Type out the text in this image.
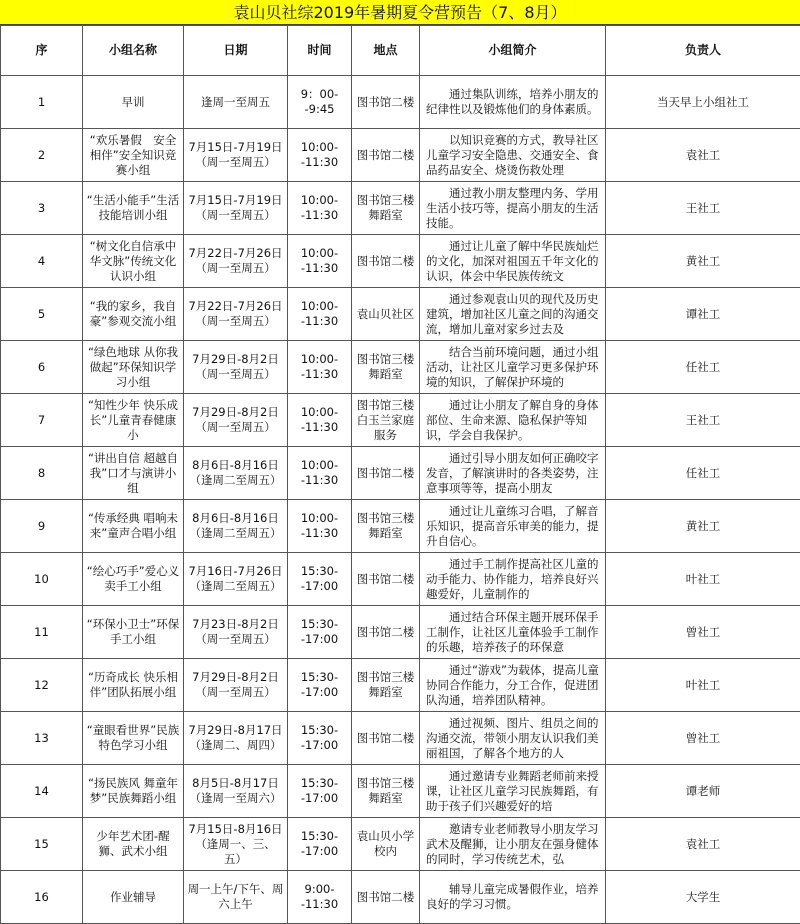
袁山贝社综2019年暑期夏令营预告（7、8月）
序	小组名称	日期	时间	地点	小组简介	负责人

1	早训	逢周一至周五	9：00--9:45	图书馆二楼	通过集队训练，培养小朋友的纪律性以及锻炼他们的身体素质。	当天早上小组社工

2	“欢乐暑假　安全相伴”安全知识竞赛小组	7月15日-7月19日（周一至周五）	10:00--11:30	图书馆二楼	以知识竞赛的方式，教导社区儿童学习安全隐患、交通安全、食品药品安全、烧烫伤救处理	袁社工

3	“生活小能手”生活技能培训小组	7月15日-7月19日（周一至周五）	10:00--11:30	图书馆三楼舞蹈室	通过教小朋友整理内务、学用生活小技巧等，提高小朋友的生活技能。	王社工

4	“树文化自信承中华文脉”传统文化认识小组	7月22日-7月26日（周一至周五）	10:00--11:30	图书馆二楼	通过让儿童了解中华民族灿烂的文化，加深对祖国五千年文化的认识，体会中华民族传统文	黄社工

5	“我的家乡，我自豪”参观交流小组	7月22日-7月26日（周一至周五）	10:00--11:30	袁山贝社区	通过参观袁山贝的现代及历史建筑，增加社区儿童之间的沟通交流，增加儿童对家乡过去及	谭社工

6	“绿色地球 从你我做起”环保知识学习小组	7月29日-8月2日（周一至周五）	10:00--11:30	图书馆三楼舞蹈室	结合当前环境问题，通过小组活动，让社区儿童学习更多保护环境的知识，了解保护环境的	任社工

7	“知性少年 快乐成长”儿童青春健康小	7月29日-8月2日（周一至周五）	10:00--11:30	图书馆三楼白玉兰家庭服务	通过让小朋友了解自身的身体部位、生命来源、隐私保护等知识，学会自我保护。	王社工

8	“讲出自信 超越自我”口才与演讲小组	8月6日-8月16日（逢周二至周五）	10:00--11:30	图书馆二楼	通过引导小朋友如何正确咬字发音，了解演讲时的各类姿势，注意事项等等，提高小朋友	任社工

9	“传承经典 唱响未来”童声合唱小组	8月6日-8月16日（逢周二至周五）	10:00--11:30	图书馆三楼舞蹈室	通过让儿童练习合唱，了解音乐知识，提高音乐审美的能力，提升自信心。	黄社工

10	“绘心巧手”爱心义卖手工小组	7月16日-7月26日（逢周二至周五）	15:30--17:00	图书馆二楼	通过手工制作提高社区儿童的动手能力、协作能力，培养良好兴趣爱好，儿童制作的	叶社工

11	“环保小卫士”环保手工小组	7月23日-8月2日（周一至周五）	15:30--17:00	图书馆二楼	通过结合环保主题开展环保手工制作，让社区儿童体验手工制作的乐趣，培养孩子的环保意	曾社工

12	“历奇成长 快乐相伴”团队拓展小组	7月29日-8月2日（周一至周五）	15:30--17:00	图书馆三楼舞蹈室	通过“游戏”为载体，提高儿童协同合作能力，分工合作，促进团队沟通，培养团队精神。	叶社工

13	“童眼看世界”民族特色学习小组	7月29日-8月17日（逢周二、周四）	15:30--17:00	图书馆二楼	通过视频、图片、组员之间的沟通交流，带领小朋友认识我们美丽祖国，了解各个地方的人	曾社工

14	“扬民族风 舞童年梦”民族舞蹈小组	8月5日-8月17日（逢周一至周六）	15:30--17:00	图书馆三楼舞蹈室	通过邀请专业舞蹈老师前来授课，让社区儿童学习民族舞蹈，有助于孩子们兴趣爱好的培	谭老师

15	少年艺术团-醒狮、武术小组	7月15日-8月16日（逢周一、三、五）	15:30--17:00	袁山贝小学校内	邀请专业老师教导小朋友学习武术及醒狮，让小朋友在强身健体的同时，学习传统艺术，弘	袁社工

16	作业辅导	周一上午/下午、周六上午	9:00--11:30	图书馆二楼	辅导儿童完成暑假作业，培养良好的学习习惯。	大学生
